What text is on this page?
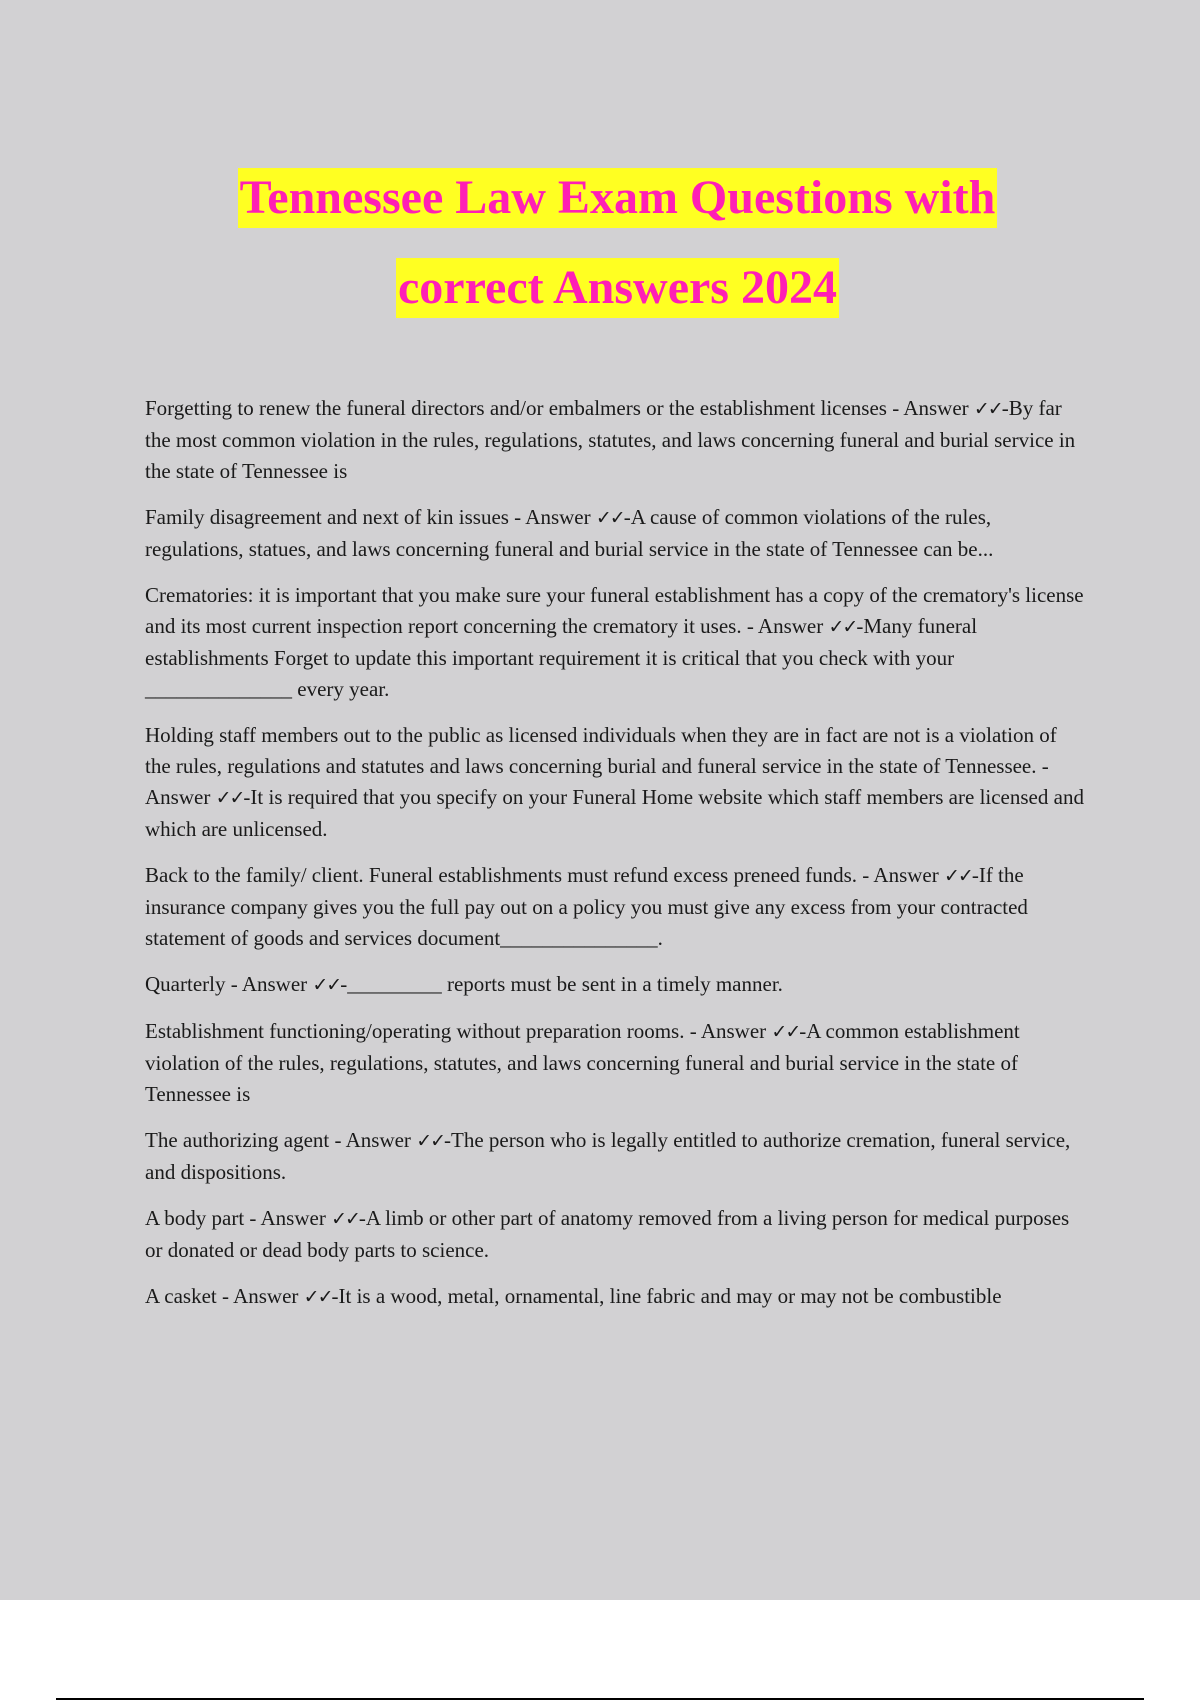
Tennessee Law Exam Questions with
correct Answers 2024

Forgetting to renew the funeral directors and/or embalmers or the establishment licenses - Answer ✓✓-By far the most common violation in the rules, regulations, statutes, and laws concerning funeral and burial service in the state of Tennessee is

Family disagreement and next of kin issues - Answer ✓✓-A cause of common violations of the rules, regulations, statues, and laws concerning funeral and burial service in the state of Tennessee can be...

Crematories: it is important that you make sure your funeral establishment has a copy of the crematory's license and its most current inspection report concerning the crematory it uses. - Answer ✓✓-Many funeral establishments Forget to update this important requirement it is critical that you check with your ______________ every year.

Holding staff members out to the public as licensed individuals when they are in fact are not is a violation of the rules, regulations and statutes and laws concerning burial and funeral service in the state of Tennessee. - Answer ✓✓-It is required that you specify on your Funeral Home website which staff members are licensed and which are unlicensed.

Back to the family/ client. Funeral establishments must refund excess preneed funds. - Answer ✓✓-If the insurance company gives you the full pay out on a policy you must give any excess from your contracted statement of goods and services document_______________.

Quarterly - Answer ✓✓-_________ reports must be sent in a timely manner.

Establishment functioning/operating without preparation rooms. - Answer ✓✓-A common establishment violation of the rules, regulations, statutes, and laws concerning funeral and burial service in the state of Tennessee is

The authorizing agent - Answer ✓✓-The person who is legally entitled to authorize cremation, funeral service, and dispositions.

A body part - Answer ✓✓-A limb or other part of anatomy removed from a living person for medical purposes or donated or dead body parts to science.

A casket - Answer ✓✓-It is a wood, metal, ornamental, line fabric and may or may not be combustible
